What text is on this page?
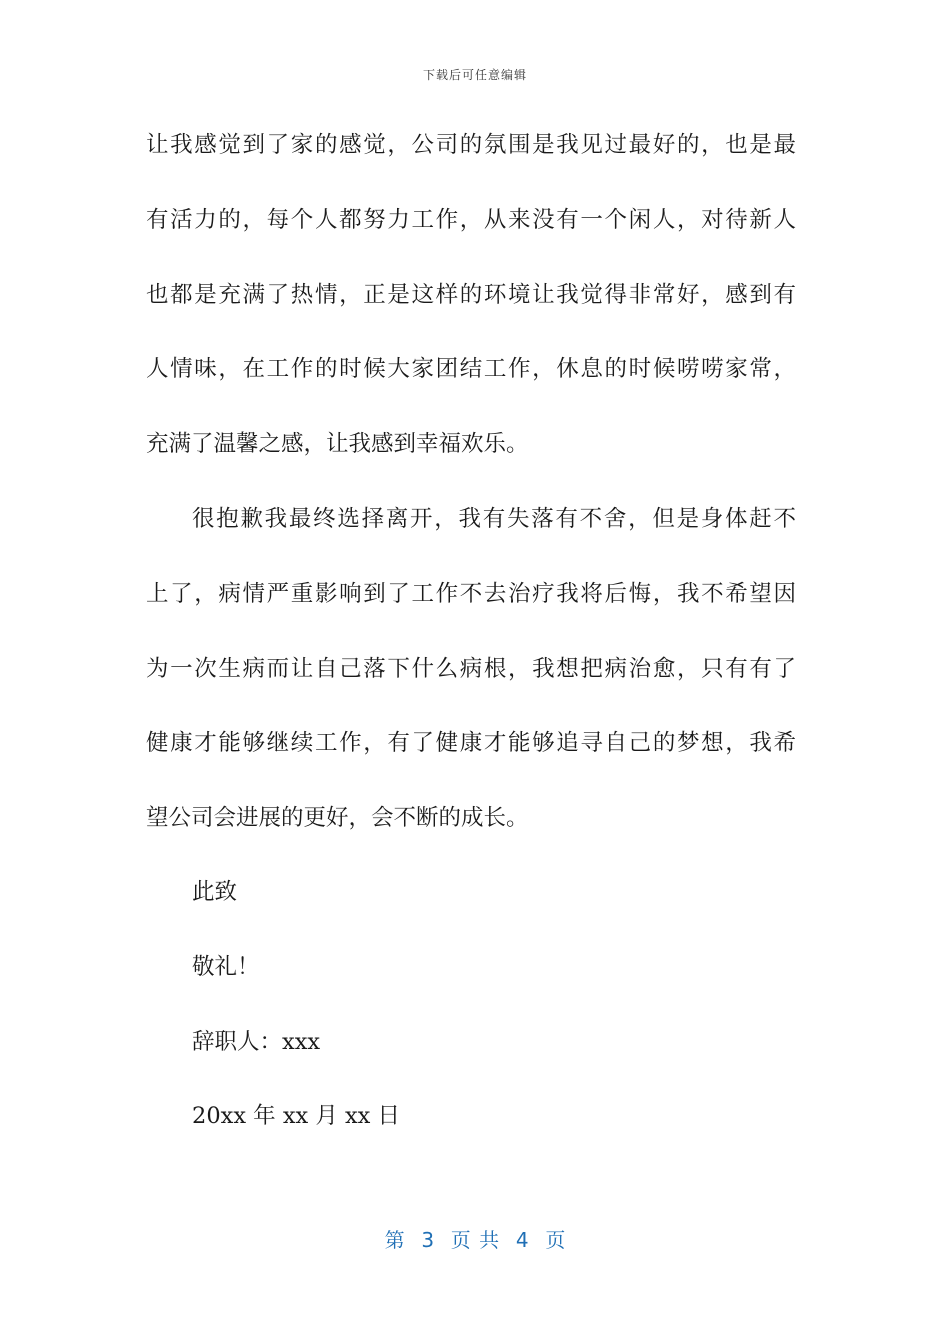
下载后可任意编辑
让我感觉到了家的感觉，公司的氛围是我见过最好的，也是最
有活力的，每个人都努力工作，从来没有一个闲人，对待新人
也都是充满了热情，正是这样的环境让我觉得非常好，感到有
人情味，在工作的时候大家团结工作，休息的时候唠唠家常，
充满了温馨之感，让我感到幸福欢乐。
很抱歉我最终选择离开，我有失落有不舍，但是身体赶不
上了，病情严重影响到了工作不去治疗我将后悔，我不希望因
为一次生病而让自己落下什么病根，我想把病治愈，只有有了
健康才能够继续工作，有了健康才能够追寻自己的梦想，我希
望公司会进展的更好，会不断的成长。
此致
敬礼！
辞职人：xxx
20xx 年 xx 月 xx 日
第  3  页 共  4  页
